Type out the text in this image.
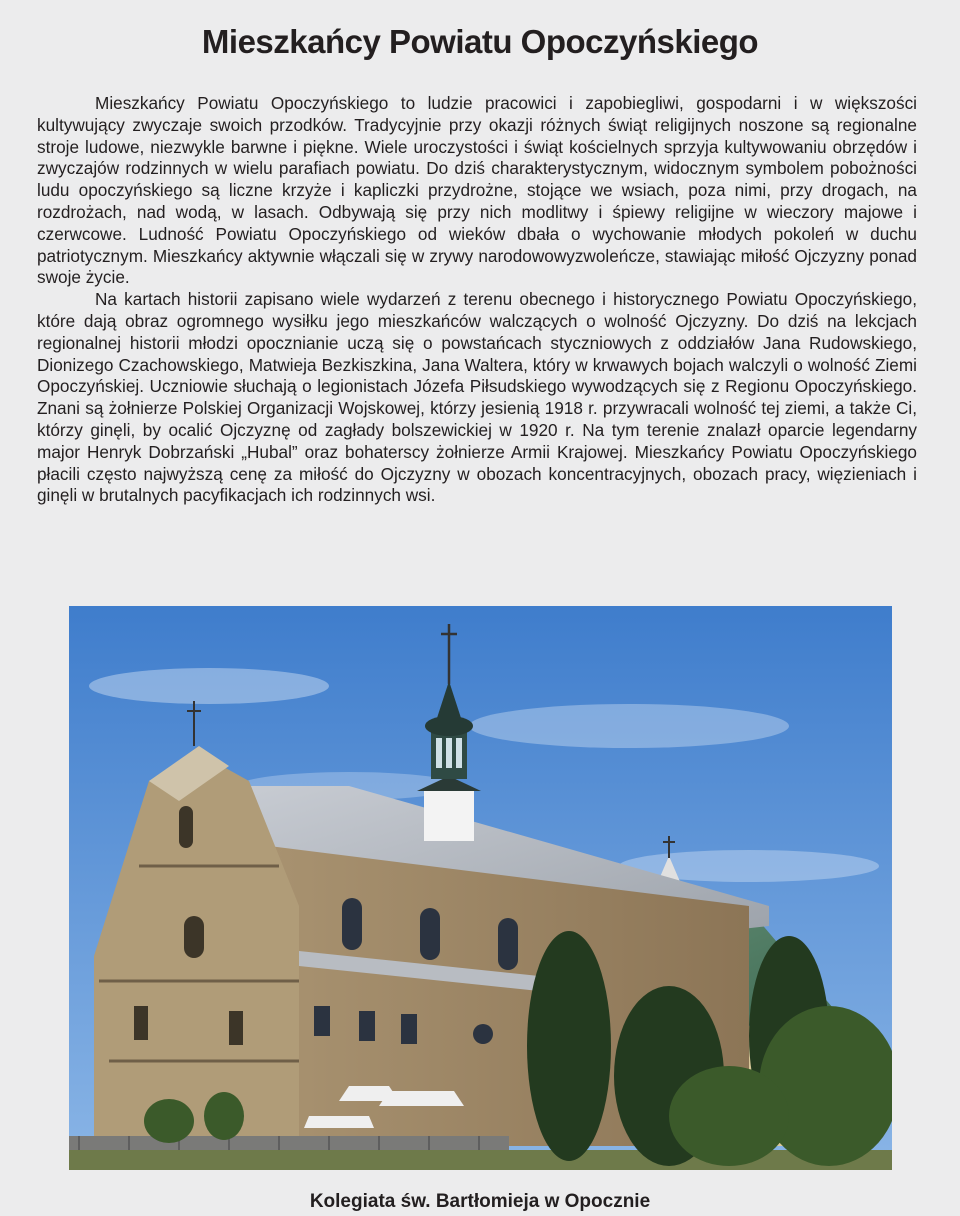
Mieszkańcy Powiatu Opoczyńskiego

Mieszkańcy Powiatu Opoczyńskiego to ludzie pracowici i zapobiegliwi, gospodarni i w większości kultywujący zwyczaje swoich przodków. Tradycyjnie przy okazji różnych świąt religijnych noszone są regionalne stroje ludowe, niezwykle barwne i piękne. Wiele uroczystości i świąt kościelnych sprzyja kultywowaniu obrzędów i zwyczajów rodzinnych w wielu parafiach powiatu. Do dziś charakterystycznym, widocznym symbolem pobożności ludu opoczyńskiego są liczne krzyże i kapliczki przydrożne, stojące we wsiach, poza nimi, przy drogach, na rozdrożach, nad wodą, w lasach. Odbywają się przy nich modlitwy i śpiewy religijne w wieczory majowe i czerwcowe. Ludność Powiatu Opoczyńskiego od wieków dbała o wychowanie młodych pokoleń w duchu patriotycznym. Mieszkańcy aktywnie włączali się w zrywy narodowowyzwoleńcze, stawiając miłość Ojczyzny ponad swoje życie.

Na kartach historii zapisano wiele wydarzeń z terenu obecnego i historycznego Powiatu Opoczyńskiego, które dają obraz ogromnego wysiłku jego mieszkańców walczących o wolność Ojczyzny. Do dziś na lekcjach regionalnej historii młodzi opocznianie uczą się o powstańcach styczniowych z oddziałów Jana Rudowskiego, Dionizego Czachowskiego, Matwieja Bezkiszkina, Jana Waltera, który w krwawych bojach walczyli o wolność Ziemi Opoczyńskiej. Uczniowie słuchają o legionistach Józefa Piłsudskiego wywodzących się z Regionu Opoczyńskiego. Znani są żołnierze Polskiej Organizacji Wojskowej, którzy jesienią 1918 r. przywracali wolność tej ziemi, a także Ci, którzy ginęli, by ocalić Ojczyznę od zagłady bolszewickiej w 1920 r. Na tym terenie znalazł oparcie legendarny major Henryk Dobrzański „Hubal” oraz bohaterscy żołnierze Armii Krajowej. Mieszkańcy Powiatu Opoczyńskiego płacili często najwyższą cenę za miłość do Ojczyzny w obozach koncentracyjnych, obozach pracy, więzieniach i ginęli w brutalnych pacyfikacjach ich rodzinnych wsi.

Kolegiata św. Bartłomieja w Opocznie
